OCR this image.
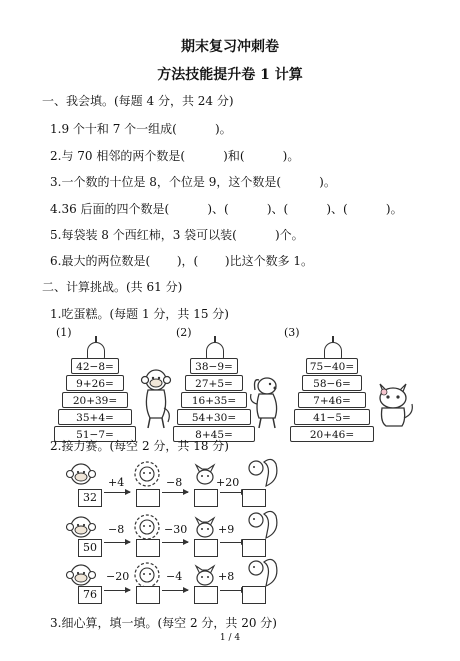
期末复习冲刺卷
方法技能提升卷 1 计算
一、我会填。(每题 4 分，共 24 分)
1.9 个十和 7 个一组成(          )。
2.与 70 相邻的两个数是(          )和(          )。
3.一个数的十位是 8，个位是 9，这个数是(          )。
4.36 后面的四个数是(          )、(          )、(          )、(          )。
5.每袋装 8 个西红柿，3 袋可以装(          )个。
6.最大的两位数是(       )，(       )比这个数多 1。
二、计算挑战。(共 61 分)
1.吃蛋糕。(每题 1 分，共 15 分)
(1)
42−8=
9+26=
20+39=
35+4=
51−7=
(2)
38−9=
27+5=
16+35=
54+30=
8+45=
(3)
75−40=
58−6=
7+46=
41−5=
20+46=
2.接力赛。(每空 2 分，共 18 分)
32
+4	−8	+20
50
−8	−30	+9
76
−20	−4	+8
3.细心算，填一填。(每空 2 分，共 20 分)
1 / 4
